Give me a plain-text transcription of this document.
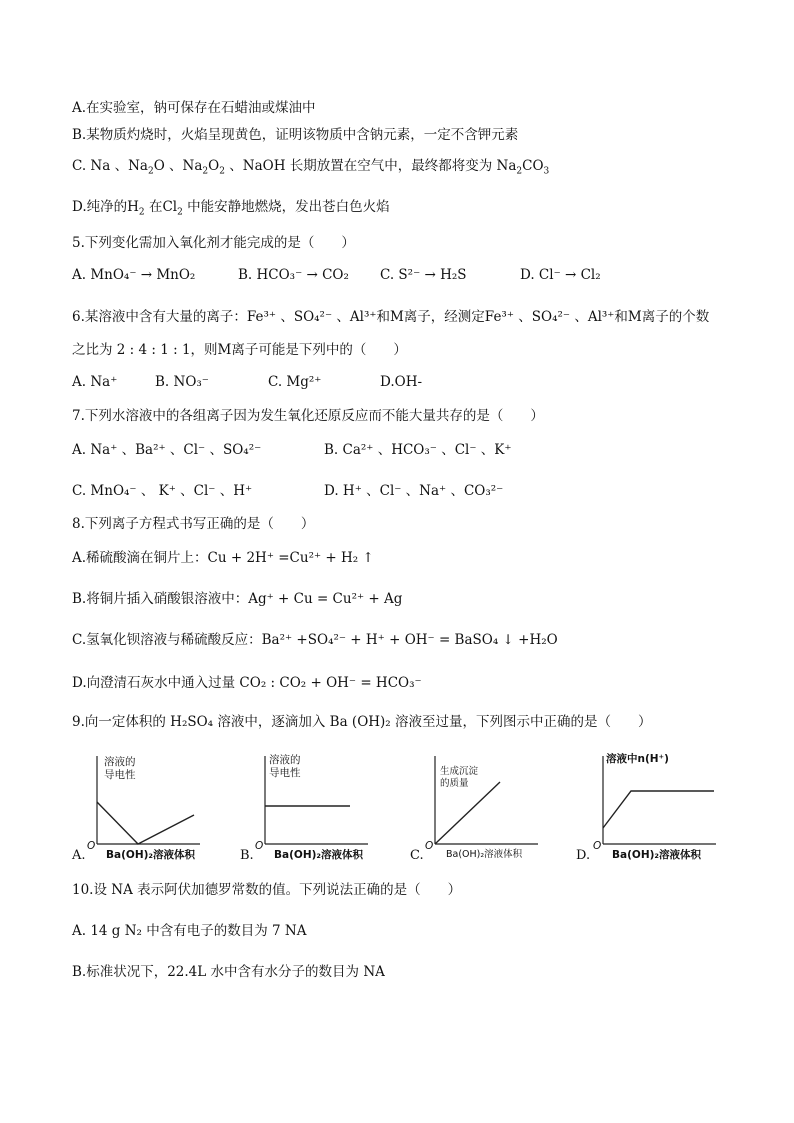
A.在实验室，钠可保存在石蜡油或煤油中
B.某物质灼烧时，火焰呈现黄色，证明该物质中含钠元素，一定不含钾元素
C. Na 、$Na_2O$ 、$Na_2O_2$ 、NaOH 长期放置在空气中，最终都将变为 $Na_2CO_3$
D.纯净的$H_2$ 在$Cl_2$ 中能安静地燃烧，发出苍白色火焰
5.下列变化需加入氧化剂才能完成的是（　　）
A. MnO₄⁻ → MnO₂	B. HCO₃⁻ → CO₂ C. S²⁻ → H₂S	D. Cl⁻ → Cl₂
6.某溶液中含有大量的离子：Fe³⁺ 、SO₄²⁻ 、Al³⁺和M离子，经测定Fe³⁺ 、SO₄²⁻ 、Al³⁺和M离子的个数
之比为 2 : 4 : 1 : 1，则M离子可能是下列中的（　　）
A. Na⁺	B. NO₃⁻	C. Mg²⁺	D.OH-
7.下列水溶液中的各组离子因为发生氧化还原反应而不能大量共存的是（　　）
A. Na⁺ 、Ba²⁺ 、Cl⁻ 、SO₄²⁻	B. Ca²⁺ 、HCO₃⁻ 、Cl⁻ 、K⁺
C. MnO₄⁻ 、 K⁺ 、Cl⁻ 、H⁺	D. H⁺ 、Cl⁻ 、Na⁺ 、CO₃²⁻
8.下列离子方程式书写正确的是（　　）
A.稀硫酸滴在铜片上：Cu + 2H⁺ =Cu²⁺ + H₂ ↑
B.将铜片插入硝酸银溶液中：Ag⁺ + Cu = Cu²⁺ + Ag
C.氢氧化钡溶液与稀硫酸反应：Ba²⁺ +SO₄²⁻ + H⁺ + OH⁻ = BaSO₄ ↓ +H₂O
D.向澄清石灰水中通入过量 CO₂ : CO₂ + OH⁻ = HCO₃⁻
9.向一定体积的 H₂SO₄ 溶液中，逐滴加入 Ba (OH)₂ 溶液至过量，下列图示中正确的是（　　）
溶液的
导电性
O
Ba(OH)₂溶液体积
A.
溶液的
导电性
O
Ba(OH)₂溶液体积
B.
生成沉淀
的质量
O
Ba(OH)₂溶液体积
C.
溶液中n(H⁺)
O
Ba(OH)₂溶液体积
D.
10.设 NA 表示阿伏加德罗常数的值。下列说法正确的是（　　）
A. 14 g N₂ 中含有电子的数目为 7 NA
B.标准状况下，22.4L 水中含有水分子的数目为 NA
